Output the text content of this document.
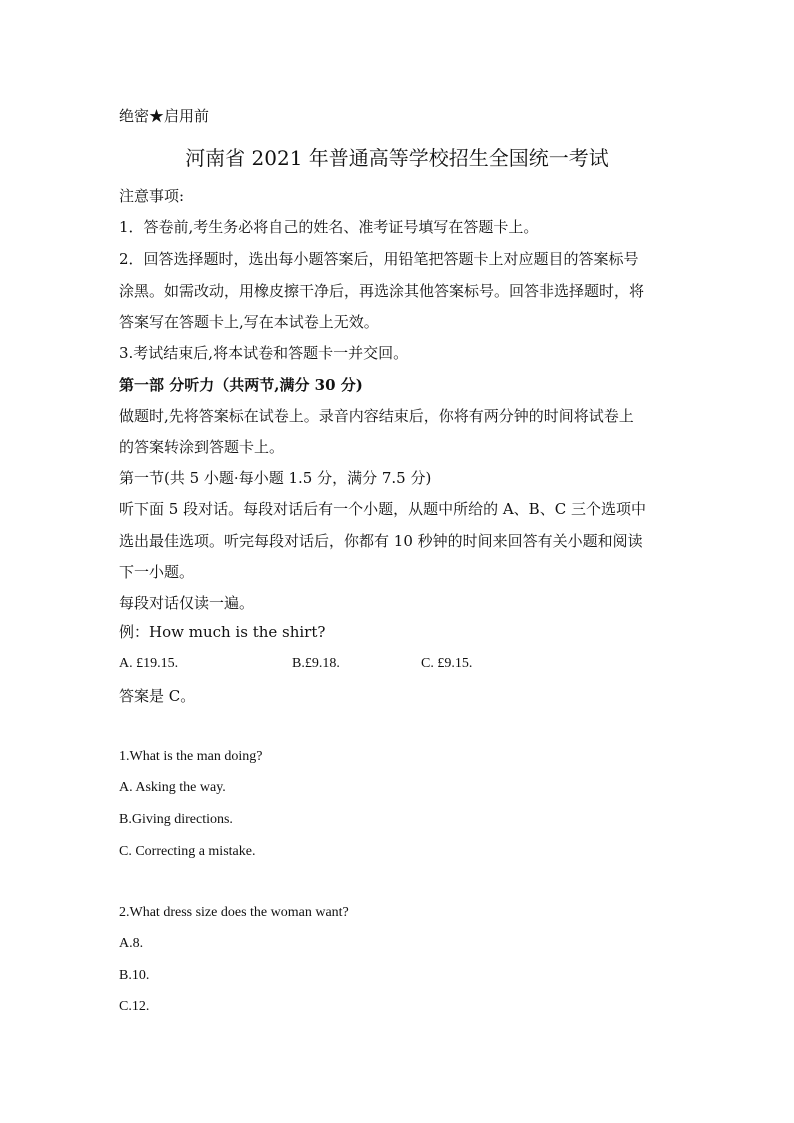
绝密★启用前
河南省 2021 年普通高等学校招生全国统一考试
注意事项:
1．答卷前,考生务必将自己的姓名、准考证号填写在答题卡上。
2．回答选择题时，选出每小题答案后，用铅笔把答题卡上对应题目的答案标号
涂黑。如需改动，用橡皮擦干净后，再选涂其他答案标号。回答非选择题时，将
答案写在答题卡上,写在本试卷上无效。
3.考试结束后,将本试卷和答题卡一并交回。
第一部 分听力（共两节,满分 30 分)
做题时,先将答案标在试卷上。录音内容结束后，你将有两分钟的时间将试卷上
的答案转涂到答题卡上。
第一节(共 5 小题·每小题 1.5 分，满分 7.5 分)
听下面 5 段对话。每段对话后有一个小题，从题中所给的 A、B、C 三个选项中
选出最佳选项。听完每段对话后，你都有 10 秒钟的时间来回答有关小题和阅读
下一小题。
每段对话仅读一遍。
例：How much is the shirt?
A. £19.15.	B.£9.18.	C. £9.15.
答案是 C。
1.What is the man doing?
A. Asking the way.
B.Giving directions.
C. Correcting a mistake.
2.What dress size does the woman want?
A.8.
B.10.
C.12.
